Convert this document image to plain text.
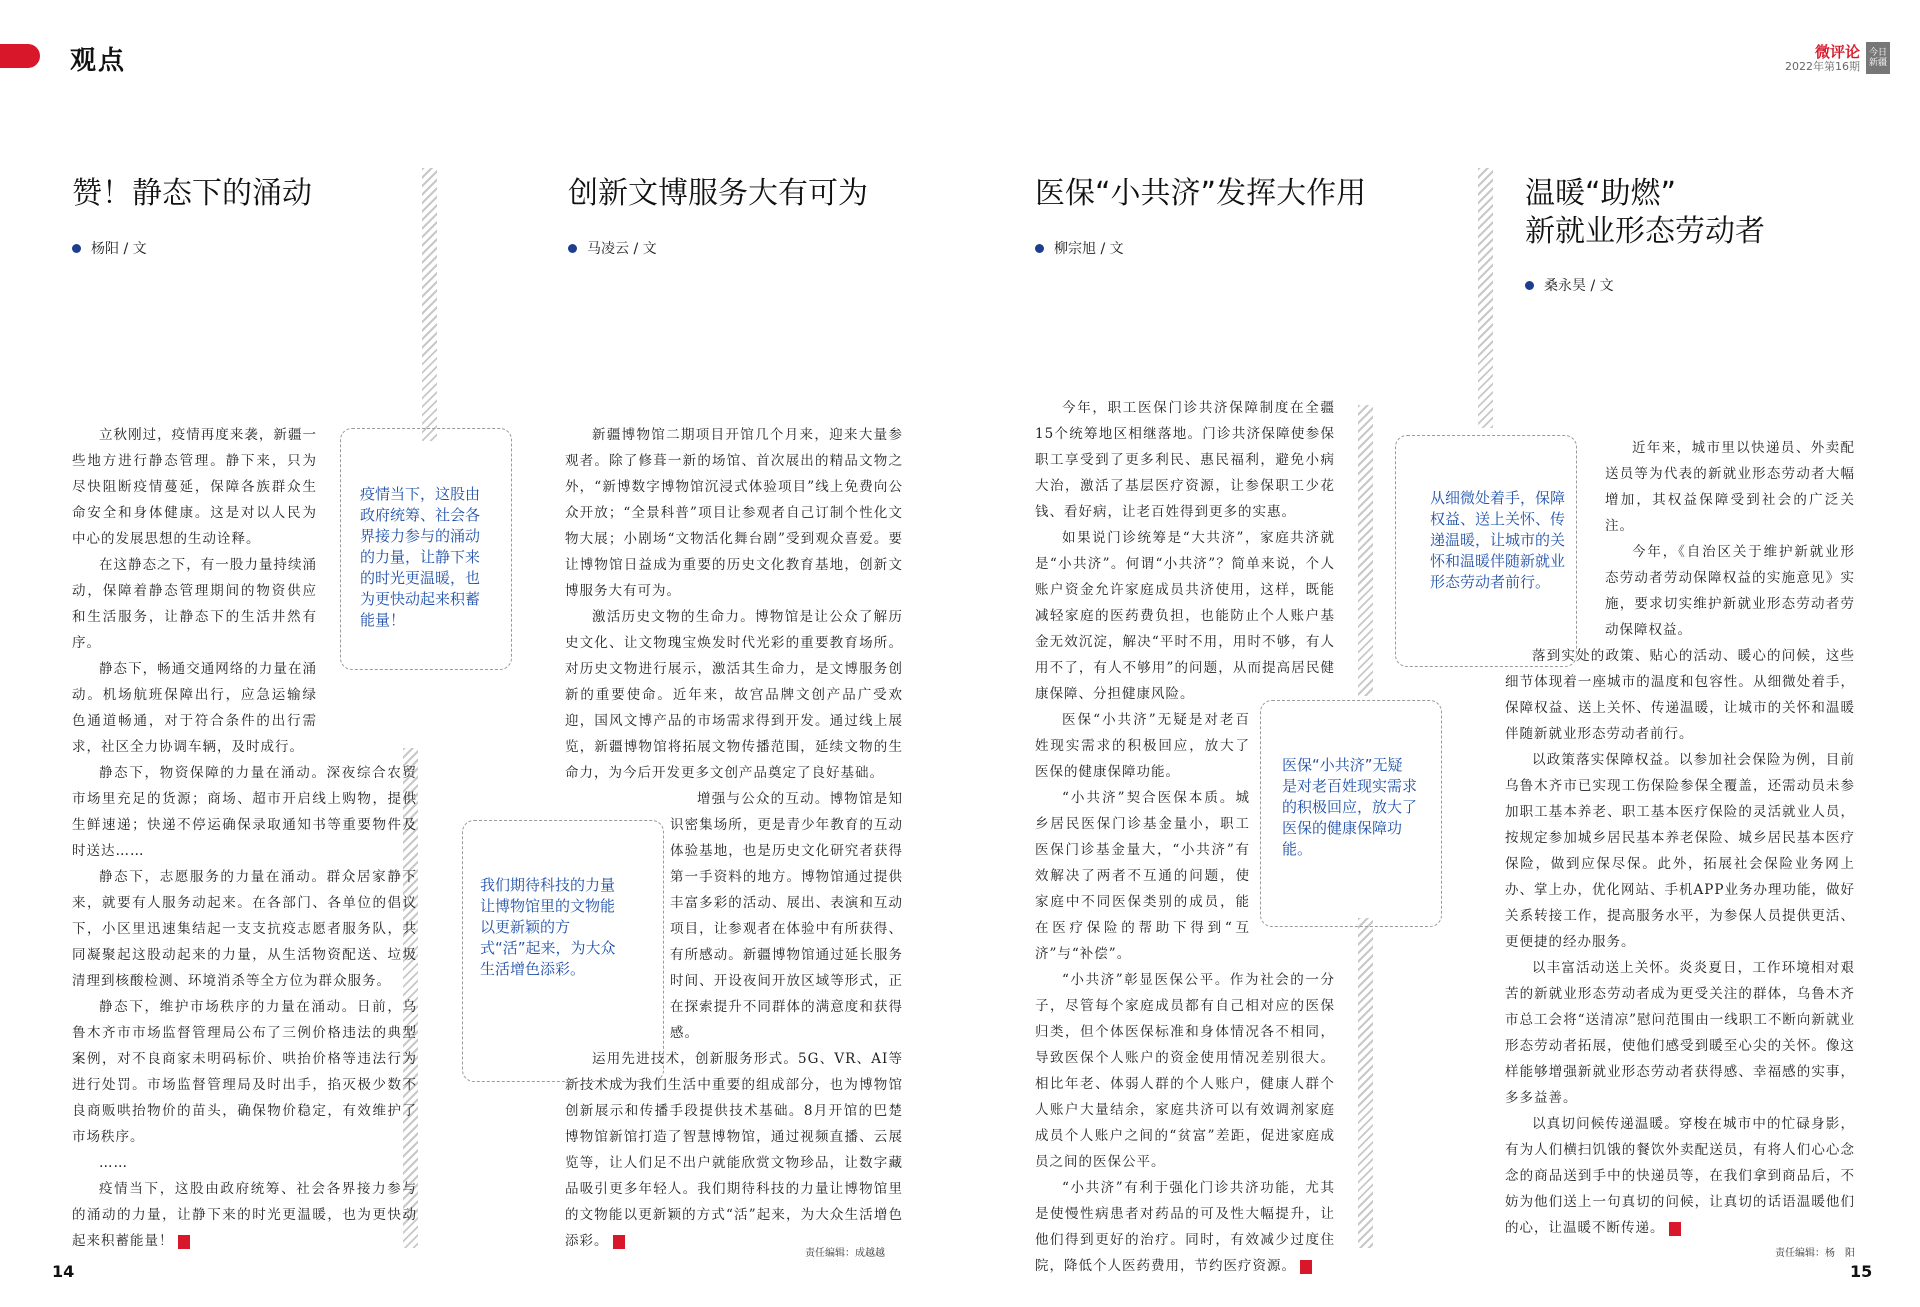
观点	微评论
2022年第16期
今日新疆
赞！静态下的涌动
杨阳 / 文

立秋刚过，疫情再度来袭，新疆一些地方进行静态管理。静下来，只为尽快阻断疫情蔓延，保障各族群众生命安全和身体健康。这是对以人民为中心的发展思想的生动诠释。

在这静态之下，有一股力量持续涌动，保障着静态管理期间的物资供应和生活服务，让静态下的生活井然有序。

静态下，畅通交通网络的力量在涌动。机场航班保障出行，应急运输绿色通道畅通，对于符合条件的出行需求，社区全力协调车辆，及时成行。

静态下，物资保障的力量在涌动。深夜综合农贸市场里充足的货源；商场、超市开启线上购物，提供生鲜速递；快递不停运确保录取通知书等重要物件及时送达……

静态下，志愿服务的力量在涌动。群众居家静下来，就要有人服务动起来。在各部门、各单位的倡议下，小区里迅速集结起一支支抗疫志愿者服务队，共同凝聚起这股动起来的力量，从生活物资配送、垃圾清理到核酸检测、环境消杀等全方位为群众服务。

静态下，维护市场秩序的力量在涌动。日前，乌鲁木齐市市场监督管理局公布了三例价格违法的典型案例，对不良商家未明码标价、哄抬价格等违法行为进行处罚。市场监督管理局及时出手，掐灭极少数不良商贩哄抬物价的苗头，确保物价稳定，有效维护了市场秩序。

……

疫情当下，这股由政府统筹、社会各界接力参与的涌动的力量，让静下来的时光更温暖，也为更快动起来积蓄能量！

疫情当下，这股由政府统筹、社会各界接力参与的涌动的力量，让静下来的时光更温暖，也为更快动起来积蓄能量！
创新文博服务大有可为
马凌云 / 文

新疆博物馆二期项目开馆几个月来，迎来大量参观者。除了修葺一新的场馆、首次展出的精品文物之外，“新博数字博物馆沉浸式体验项目”线上免费向公众开放；“全景科普”项目让参观者自己订制个性化文物大展；小剧场“文物活化舞台剧”受到观众喜爱。要让博物馆日益成为重要的历史文化教育基地，创新文博服务大有可为。

激活历史文物的生命力。博物馆是让公众了解历史文化、让文物瑰宝焕发时代光彩的重要教育场所。对历史文物进行展示，激活其生命力，是文博服务创新的重要使命。近年来，故宫品牌文创产品广受欢迎，国风文博产品的市场需求得到开发。通过线上展览，新疆博物馆将拓展文物传播范围，延续文物的生命力，为今后开发更多文创产品奠定了良好基础。

增强与公众的互动。博物馆是知识密集场所，更是青少年教育的互动体验基地，也是历史文化研究者获得第一手资料的地方。博物馆通过提供丰富多彩的活动、展出、表演和互动项目，让参观者在体验中有所获得、有所感动。新疆博物馆通过延长服务时间、开设夜间开放区域等形式，正在探索提升不同群体的满意度和获得感。

运用先进技术，创新服务形式。5G、VR、AI等新技术成为我们生活中重要的组成部分，也为博物馆创新展示和传播手段提供技术基础。8月开馆的巴楚博物馆新馆打造了智慧博物馆，通过视频直播、云展览等，让人们足不出户就能欣赏文物珍品，让数字藏品吸引更多年轻人。我们期待科技的力量让博物馆里的文物能以更新颖的方式“活”起来，为大众生活增色添彩。

我们期待科技的力量让博物馆里的文物能以更新颖的方式“活”起来，为大众生活增色添彩。
医保“小共济”发挥大作用
柳宗旭 / 文

今年，职工医保门诊共济保障制度在全疆15个统筹地区相继落地。门诊共济保障使参保职工享受到了更多利民、惠民福利，避免小病大治，激活了基层医疗资源，让参保职工少花钱、看好病，让老百姓得到更多的实惠。

如果说门诊统筹是“大共济”，家庭共济就是“小共济”。何谓“小共济”？简单来说，个人账户资金允许家庭成员共济使用，这样，既能减轻家庭的医药费负担，也能防止个人账户基金无效沉淀，解决“平时不用，用时不够，有人用不了，有人不够用”的问题，从而提高居民健康保障、分担健康风险。

医保“小共济”无疑是对老百姓现实需求的积极回应，放大了医保的健康保障功能。

“小共济”契合医保本质。城乡居民医保门诊基金量小，职工医保门诊基金量大，“小共济”有效解决了两者不互通的问题，使家庭中不同医保类别的成员，能在医疗保险的帮助下得到“互济”与“补偿”。

“小共济”彰显医保公平。作为社会的一分子，尽管每个家庭成员都有自己相对应的医保归类，但个体医保标准和身体情况各不相同，导致医保个人账户的资金使用情况差别很大。相比年老、体弱人群的个人账户，健康人群个人账户大量结余，家庭共济可以有效调剂家庭成员个人账户之间的“贫富”差距，促进家庭成员之间的医保公平。

“小共济”有利于强化门诊共济功能，尤其是使慢性病患者对药品的可及性大幅提升，让他们得到更好的治疗。同时，有效减少过度住院，降低个人医药费用，节约医疗资源。

医保“小共济”无疑是对老百姓现实需求的积极回应，放大了医保的健康保障功能。
温暖“助燃”
新就业形态劳动者
桑永昊 / 文

近年来，城市里以快递员、外卖配送员等为代表的新就业形态劳动者大幅增加，其权益保障受到社会的广泛关注。

今年，《自治区关于维护新就业形态劳动者劳动保障权益的实施意见》实施，要求切实维护新就业形态劳动者劳动保障权益。

落到实处的政策、贴心的活动、暖心的问候，这些细节体现着一座城市的温度和包容性。从细微处着手，保障权益、送上关怀、传递温暖，让城市的关怀和温暖伴随新就业形态劳动者前行。

以政策落实保障权益。以参加社会保险为例，目前乌鲁木齐市已实现工伤保险参保全覆盖，还需动员未参加职工基本养老、职工基本医疗保险的灵活就业人员，按规定参加城乡居民基本养老保险、城乡居民基本医疗保险，做到应保尽保。此外，拓展社会保险业务网上办、掌上办，优化网站、手机APP业务办理功能，做好关系转接工作，提高服务水平，为参保人员提供更活、更便捷的经办服务。

以丰富活动送上关怀。炎炎夏日，工作环境相对艰苦的新就业形态劳动者成为更受关注的群体，乌鲁木齐市总工会将“送清凉”慰问范围由一线职工不断向新就业形态劳动者拓展，使他们感受到暖至心尖的关怀。像这样能够增强新就业形态劳动者获得感、幸福感的实事，多多益善。

以真切问候传递温暖。穿梭在城市中的忙碌身影，有为人们横扫饥饿的餐饮外卖配送员，有将人们心心念念的商品送到手中的快递员等，在我们拿到商品后，不妨为他们送上一句真切的问候，让真切的话语温暖他们的心，让温暖不断传递。

从细微处着手，保障权益、送上关怀、传递温暖，让城市的关怀和温暖伴随新就业形态劳动者前行。
14
责任编辑：成越越	责任编辑：杨　阳
15
